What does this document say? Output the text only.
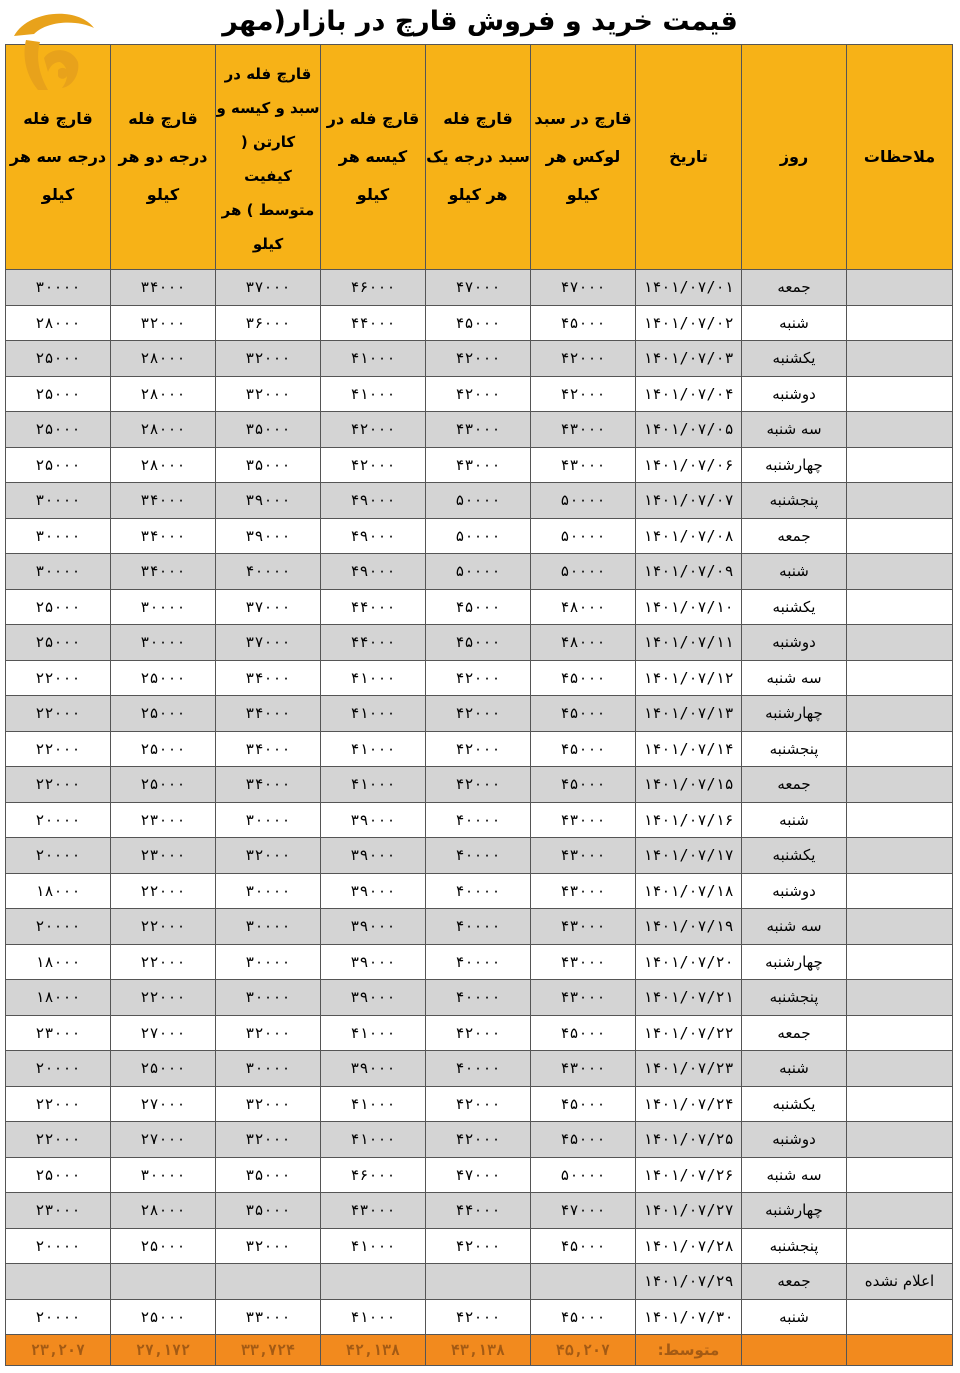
قیمت خرید و فروش قارچ در بازار(مهر
قارچ فله درجه سه هر کیلو	قارچ فله درجه دو هر کیلو	قارچ فله در سبد و کیسه و کارتن ( کیفیت متوسط ) هر کیلو	قارچ فله در کیسه هر کیلو	قارچ فله سبد درجه یک هر کیلو	قارچ در سبد لوکس هر کیلو	تاریخ	روز	ملاحظات
۳۰۰۰۰	۳۴۰۰۰	۳۷۰۰۰	۴۶۰۰۰	۴۷۰۰۰	۴۷۰۰۰	۱۴۰۱/۰۷/۰۱	جمعه	
۲۸۰۰۰	۳۲۰۰۰	۳۶۰۰۰	۴۴۰۰۰	۴۵۰۰۰	۴۵۰۰۰	۱۴۰۱/۰۷/۰۲	شنبه	
۲۵۰۰۰	۲۸۰۰۰	۳۲۰۰۰	۴۱۰۰۰	۴۲۰۰۰	۴۲۰۰۰	۱۴۰۱/۰۷/۰۳	یکشنبه	
۲۵۰۰۰	۲۸۰۰۰	۳۲۰۰۰	۴۱۰۰۰	۴۲۰۰۰	۴۲۰۰۰	۱۴۰۱/۰۷/۰۴	دوشنبه	
۲۵۰۰۰	۲۸۰۰۰	۳۵۰۰۰	۴۲۰۰۰	۴۳۰۰۰	۴۳۰۰۰	۱۴۰۱/۰۷/۰۵	سه شنبه	
۲۵۰۰۰	۲۸۰۰۰	۳۵۰۰۰	۴۲۰۰۰	۴۳۰۰۰	۴۳۰۰۰	۱۴۰۱/۰۷/۰۶	چهارشنبه	
۳۰۰۰۰	۳۴۰۰۰	۳۹۰۰۰	۴۹۰۰۰	۵۰۰۰۰	۵۰۰۰۰	۱۴۰۱/۰۷/۰۷	پنجشنبه	
۳۰۰۰۰	۳۴۰۰۰	۳۹۰۰۰	۴۹۰۰۰	۵۰۰۰۰	۵۰۰۰۰	۱۴۰۱/۰۷/۰۸	جمعه	
۳۰۰۰۰	۳۴۰۰۰	۴۰۰۰۰	۴۹۰۰۰	۵۰۰۰۰	۵۰۰۰۰	۱۴۰۱/۰۷/۰۹	شنبه	
۲۵۰۰۰	۳۰۰۰۰	۳۷۰۰۰	۴۴۰۰۰	۴۵۰۰۰	۴۸۰۰۰	۱۴۰۱/۰۷/۱۰	یکشنبه	
۲۵۰۰۰	۳۰۰۰۰	۳۷۰۰۰	۴۴۰۰۰	۴۵۰۰۰	۴۸۰۰۰	۱۴۰۱/۰۷/۱۱	دوشنبه	
۲۲۰۰۰	۲۵۰۰۰	۳۴۰۰۰	۴۱۰۰۰	۴۲۰۰۰	۴۵۰۰۰	۱۴۰۱/۰۷/۱۲	سه شنبه	
۲۲۰۰۰	۲۵۰۰۰	۳۴۰۰۰	۴۱۰۰۰	۴۲۰۰۰	۴۵۰۰۰	۱۴۰۱/۰۷/۱۳	چهارشنبه	
۲۲۰۰۰	۲۵۰۰۰	۳۴۰۰۰	۴۱۰۰۰	۴۲۰۰۰	۴۵۰۰۰	۱۴۰۱/۰۷/۱۴	پنجشنبه	
۲۲۰۰۰	۲۵۰۰۰	۳۴۰۰۰	۴۱۰۰۰	۴۲۰۰۰	۴۵۰۰۰	۱۴۰۱/۰۷/۱۵	جمعه	
۲۰۰۰۰	۲۳۰۰۰	۳۰۰۰۰	۳۹۰۰۰	۴۰۰۰۰	۴۳۰۰۰	۱۴۰۱/۰۷/۱۶	شنبه	
۲۰۰۰۰	۲۳۰۰۰	۳۲۰۰۰	۳۹۰۰۰	۴۰۰۰۰	۴۳۰۰۰	۱۴۰۱/۰۷/۱۷	یکشنبه	
۱۸۰۰۰	۲۲۰۰۰	۳۰۰۰۰	۳۹۰۰۰	۴۰۰۰۰	۴۳۰۰۰	۱۴۰۱/۰۷/۱۸	دوشنبه	
۲۰۰۰۰	۲۲۰۰۰	۳۰۰۰۰	۳۹۰۰۰	۴۰۰۰۰	۴۳۰۰۰	۱۴۰۱/۰۷/۱۹	سه شنبه	
۱۸۰۰۰	۲۲۰۰۰	۳۰۰۰۰	۳۹۰۰۰	۴۰۰۰۰	۴۳۰۰۰	۱۴۰۱/۰۷/۲۰	چهارشنبه	
۱۸۰۰۰	۲۲۰۰۰	۳۰۰۰۰	۳۹۰۰۰	۴۰۰۰۰	۴۳۰۰۰	۱۴۰۱/۰۷/۲۱	پنجشنبه	
۲۳۰۰۰	۲۷۰۰۰	۳۲۰۰۰	۴۱۰۰۰	۴۲۰۰۰	۴۵۰۰۰	۱۴۰۱/۰۷/۲۲	جمعه	
۲۰۰۰۰	۲۵۰۰۰	۳۰۰۰۰	۳۹۰۰۰	۴۰۰۰۰	۴۳۰۰۰	۱۴۰۱/۰۷/۲۳	شنبه	
۲۲۰۰۰	۲۷۰۰۰	۳۲۰۰۰	۴۱۰۰۰	۴۲۰۰۰	۴۵۰۰۰	۱۴۰۱/۰۷/۲۴	یکشنبه	
۲۲۰۰۰	۲۷۰۰۰	۳۲۰۰۰	۴۱۰۰۰	۴۲۰۰۰	۴۵۰۰۰	۱۴۰۱/۰۷/۲۵	دوشنبه	
۲۵۰۰۰	۳۰۰۰۰	۳۵۰۰۰	۴۶۰۰۰	۴۷۰۰۰	۵۰۰۰۰	۱۴۰۱/۰۷/۲۶	سه شنبه	
۲۳۰۰۰	۲۸۰۰۰	۳۵۰۰۰	۴۳۰۰۰	۴۴۰۰۰	۴۷۰۰۰	۱۴۰۱/۰۷/۲۷	چهارشنبه	
۲۰۰۰۰	۲۵۰۰۰	۳۲۰۰۰	۴۱۰۰۰	۴۲۰۰۰	۴۵۰۰۰	۱۴۰۱/۰۷/۲۸	پنجشنبه	
						۱۴۰۱/۰۷/۲۹	جمعه	اعلام نشده
۲۰۰۰۰	۲۵۰۰۰	۳۳۰۰۰	۴۱۰۰۰	۴۲۰۰۰	۴۵۰۰۰	۱۴۰۱/۰۷/۳۰	شنبه	
۲۳,۲۰۷	۲۷,۱۷۲	۳۳,۷۲۴	۴۲,۱۳۸	۴۳,۱۳۸	۴۵,۲۰۷	متوسط:		
